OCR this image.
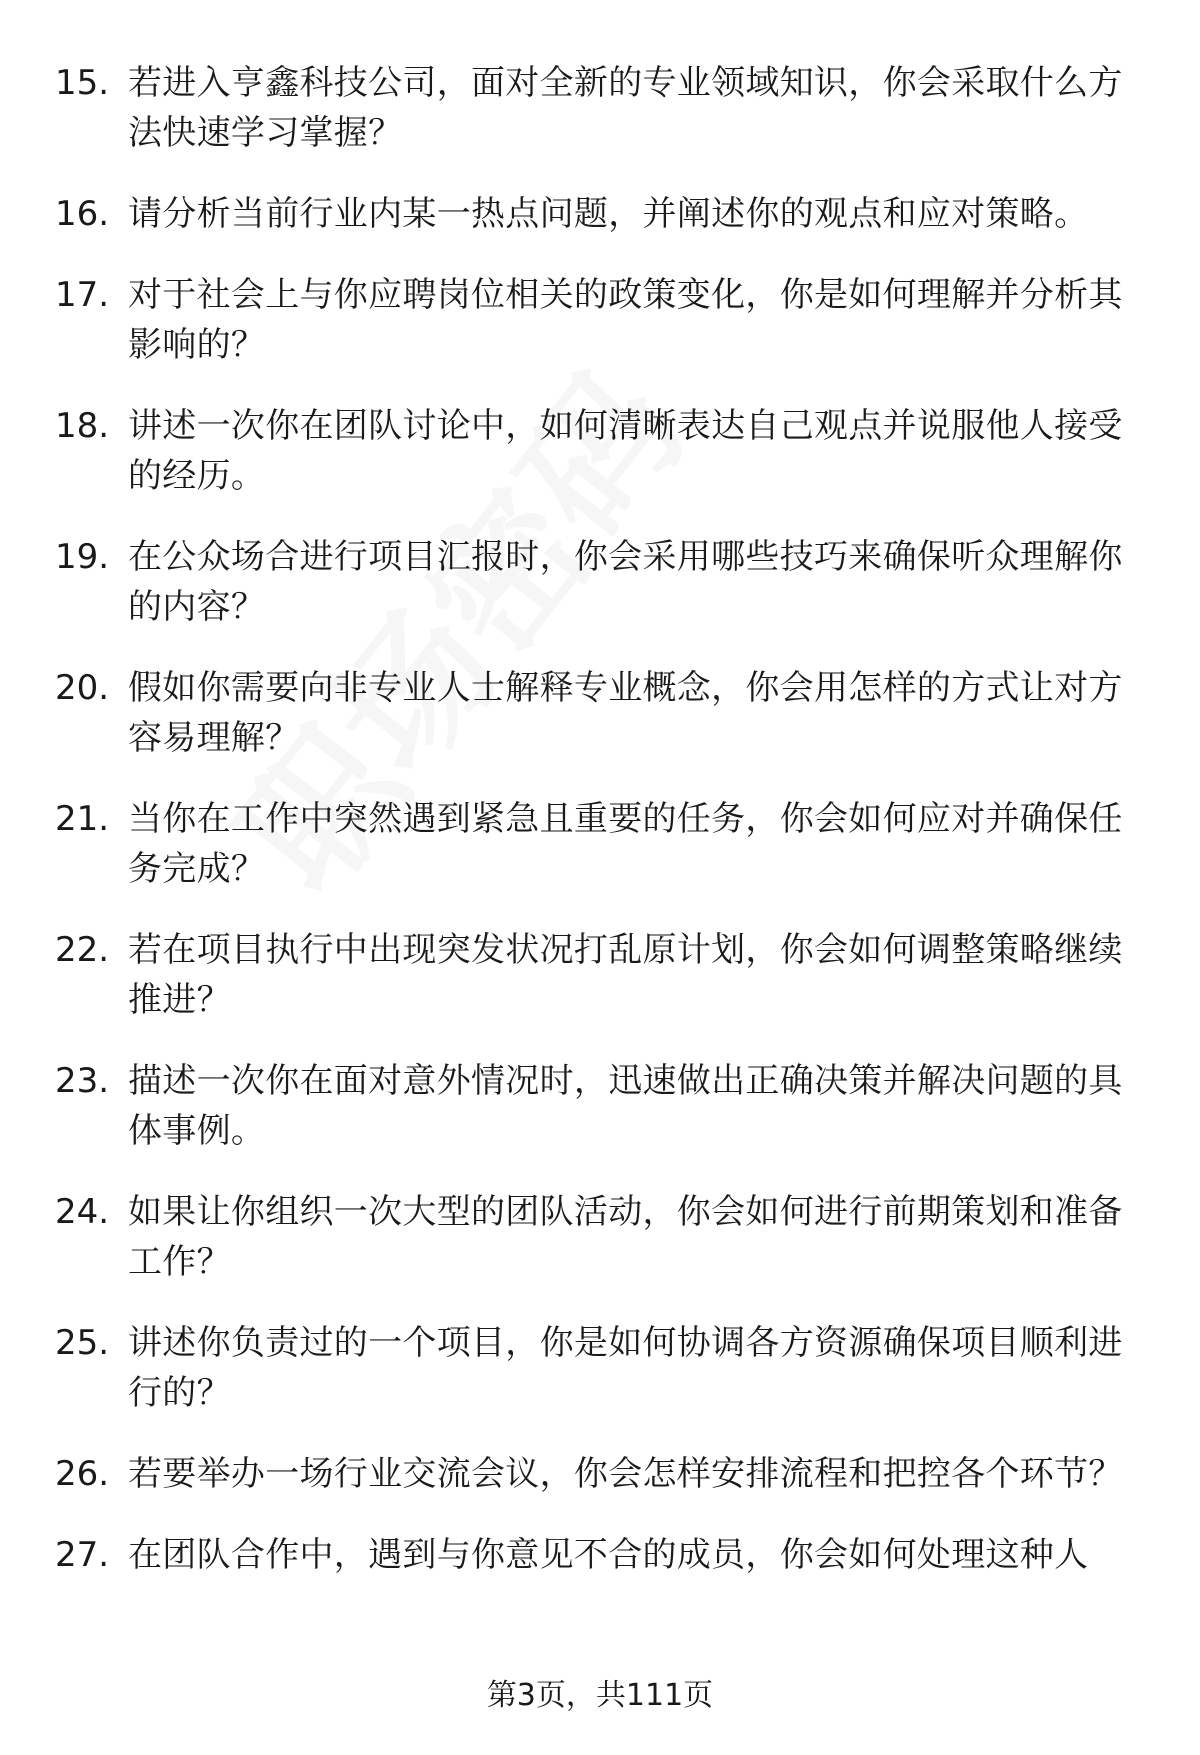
15. 若进入亨鑫科技公司，面对全新的专业领域知识，你会采取什么方法快速学习掌握？
16. 请分析当前行业内某一热点问题，并阐述你的观点和应对策略。
17. 对于社会上与你应聘岗位相关的政策变化，你是如何理解并分析其影响的？
18. 讲述一次你在团队讨论中，如何清晰表达自己观点并说服他人接受的经历。
19. 在公众场合进行项目汇报时，你会采用哪些技巧来确保听众理解你的内容？
20. 假如你需要向非专业人士解释专业概念，你会用怎样的方式让对方容易理解？
21. 当你在工作中突然遇到紧急且重要的任务，你会如何应对并确保任务完成？
22. 若在项目执行中出现突发状况打乱原计划，你会如何调整策略继续推进？
23. 描述一次你在面对意外情况时，迅速做出正确决策并解决问题的具体事例。
24. 如果让你组织一次大型的团队活动，你会如何进行前期策划和准备工作？
25. 讲述你负责过的一个项目，你是如何协调各方资源确保项目顺利进行的？
26. 若要举办一场行业交流会议，你会怎样安排流程和把控各个环节？
27. 在团队合作中，遇到与你意见不合的成员，你会如何处理这种人
第3页，共111页
